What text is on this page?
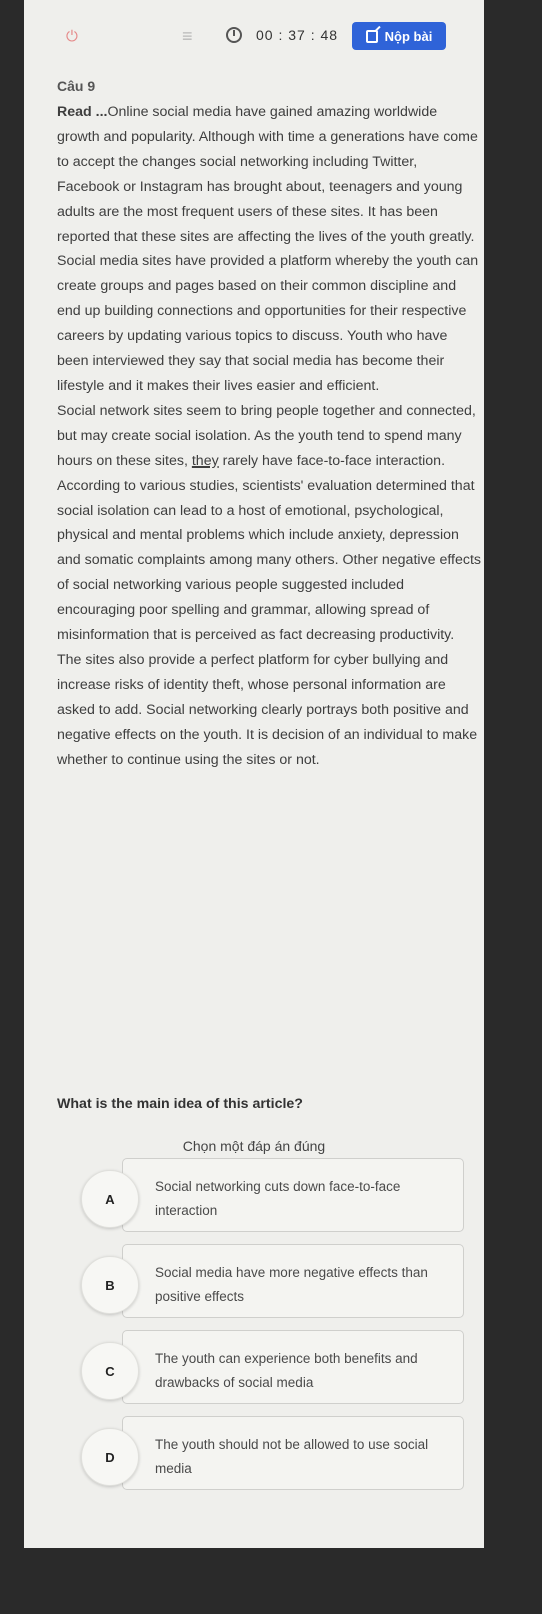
⏻	≡	00 : 37 : 48	Nộp bài
Câu 9

Read ...Online social media have gained amazing worldwide growth and popularity. Although with time a generations have come to accept the changes social networking including Twitter, Facebook or Instagram has brought about, teenagers and young adults are the most frequent users of these sites. It has been reported that these sites are affecting the lives of the youth greatly. Social media sites have provided a platform whereby the youth can create groups and pages based on their common discipline and end up building connections and opportunities for their respective careers by updating various topics to discuss. Youth who have been interviewed they say that social media has become their lifestyle and it makes their lives easier and efficient.

Social network sites seem to bring people together and connected, but may create social isolation. As the youth tend to spend many hours on these sites, they rarely have face-to-face interaction. According to various studies, scientists' evaluation determined that social isolation can lead to a host of emotional, psychological, physical and mental problems which include anxiety, depression and somatic complaints among many others. Other negative effects of social networking various people suggested included encouraging poor spelling and grammar, allowing spread of misinformation that is perceived as fact decreasing productivity. The sites also provide a perfect platform for cyber bullying and increase risks of identity theft, whose personal information are asked to add. Social networking clearly portrays both positive and negative effects on the youth. It is decision of an individual to make whether to continue using the sites or not.

What is the main idea of this article?
Chọn một đáp án đúng
Social networking cuts down face-to-face interaction
A
Social media have more negative effects than positive effects
B
The youth can experience both benefits and drawbacks of social media
C
The youth should not be allowed to use social media
D
